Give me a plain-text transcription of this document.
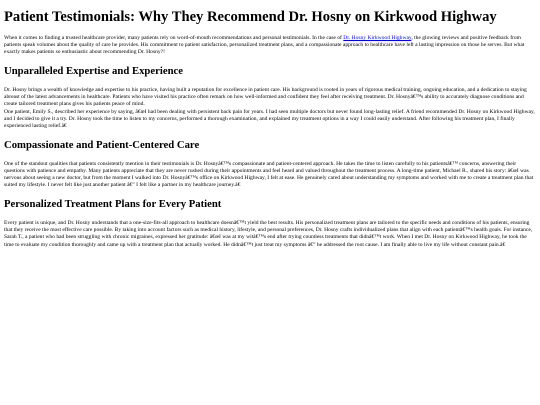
Patient Testimonials: Why They Recommend Dr. Hosny on Kirkwood Highway

When it comes to finding a trusted healthcare provider, many patients rely on word-of-mouth recommendations and personal testimonials. In the case of Dr. Hosny Kirkwood Highway, the glowing reviews and positive feedback from patients speak volumes about the quality of care he provides. His commitment to patient satisfaction, personalized treatment plans, and a compassionate approach to healthcare have left a lasting impression on those he serves. But what exactly makes patients so enthusiastic about recommending Dr. Hosny?!

Unparalleled Expertise and Experience

Dr. Hosny brings a wealth of knowledge and expertise to his practice, having built a reputation for excellence in patient care. His background is rooted in years of rigorous medical training, ongoing education, and a dedication to staying abreast of the latest advancements in healthcare. Patients who have visited his practice often remark on how well-informed and confident they feel after receiving treatment. Dr. Hosnyâ€™s ability to accurately diagnose conditions and create tailored treatment plans gives his patients peace of mind.

One patient, Emily S., described her experience by saying, â€œI had been dealing with persistent back pain for years. I had seen multiple doctors but never found long-lasting relief. A friend recommended Dr. Hosny on Kirkwood Highway, and I decided to give it a try. Dr. Hosny took the time to listen to my concerns, performed a thorough examination, and explained my treatment options in a way I could easily understand. After following his treatment plan, I finally experienced lasting relief.â€

Compassionate and Patient-Centered Care

One of the standout qualities that patients consistently mention in their testimonials is Dr. Hosnyâ€™s compassionate and patient-centered approach. He takes the time to listen carefully to his patientsâ€™ concerns, answering their questions with patience and empathy. Many patients appreciate that they are never rushed during their appointments and feel heard and valued throughout the treatment process. A long-time patient, Michael R., shared his story: â€œI was nervous about seeing a new doctor, but from the moment I walked into Dr. Hosnyâ€™s office on Kirkwood Highway, I felt at ease. He genuinely cared about understanding my symptoms and worked with me to create a treatment plan that suited my lifestyle. I never felt like just another patient â€” I felt like a partner in my healthcare journey.â€

Personalized Treatment Plans for Every Patient

Every patient is unique, and Dr. Hosny understands that a one-size-fits-all approach to healthcare doesnâ€™t yield the best results. His personalized treatment plans are tailored to the specific needs and conditions of his patients, ensuring that they receive the most effective care possible. By taking into account factors such as medical history, lifestyle, and personal preferences, Dr. Hosny crafts individualized plans that align with each patientâ€™s health goals. For instance, Sarah T., a patient who had been struggling with chronic migraines, expressed her gratitude: â€œI was at my witâ€™s end after trying countless treatments that didnâ€™t work. When I met Dr. Hosny on Kirkwood Highway, he took the time to evaluate my condition thoroughly and came up with a treatment plan that actually worked. He didnâ€™t just treat my symptoms â€” he addressed the root cause. I am finally able to live my life without constant pain.â€
